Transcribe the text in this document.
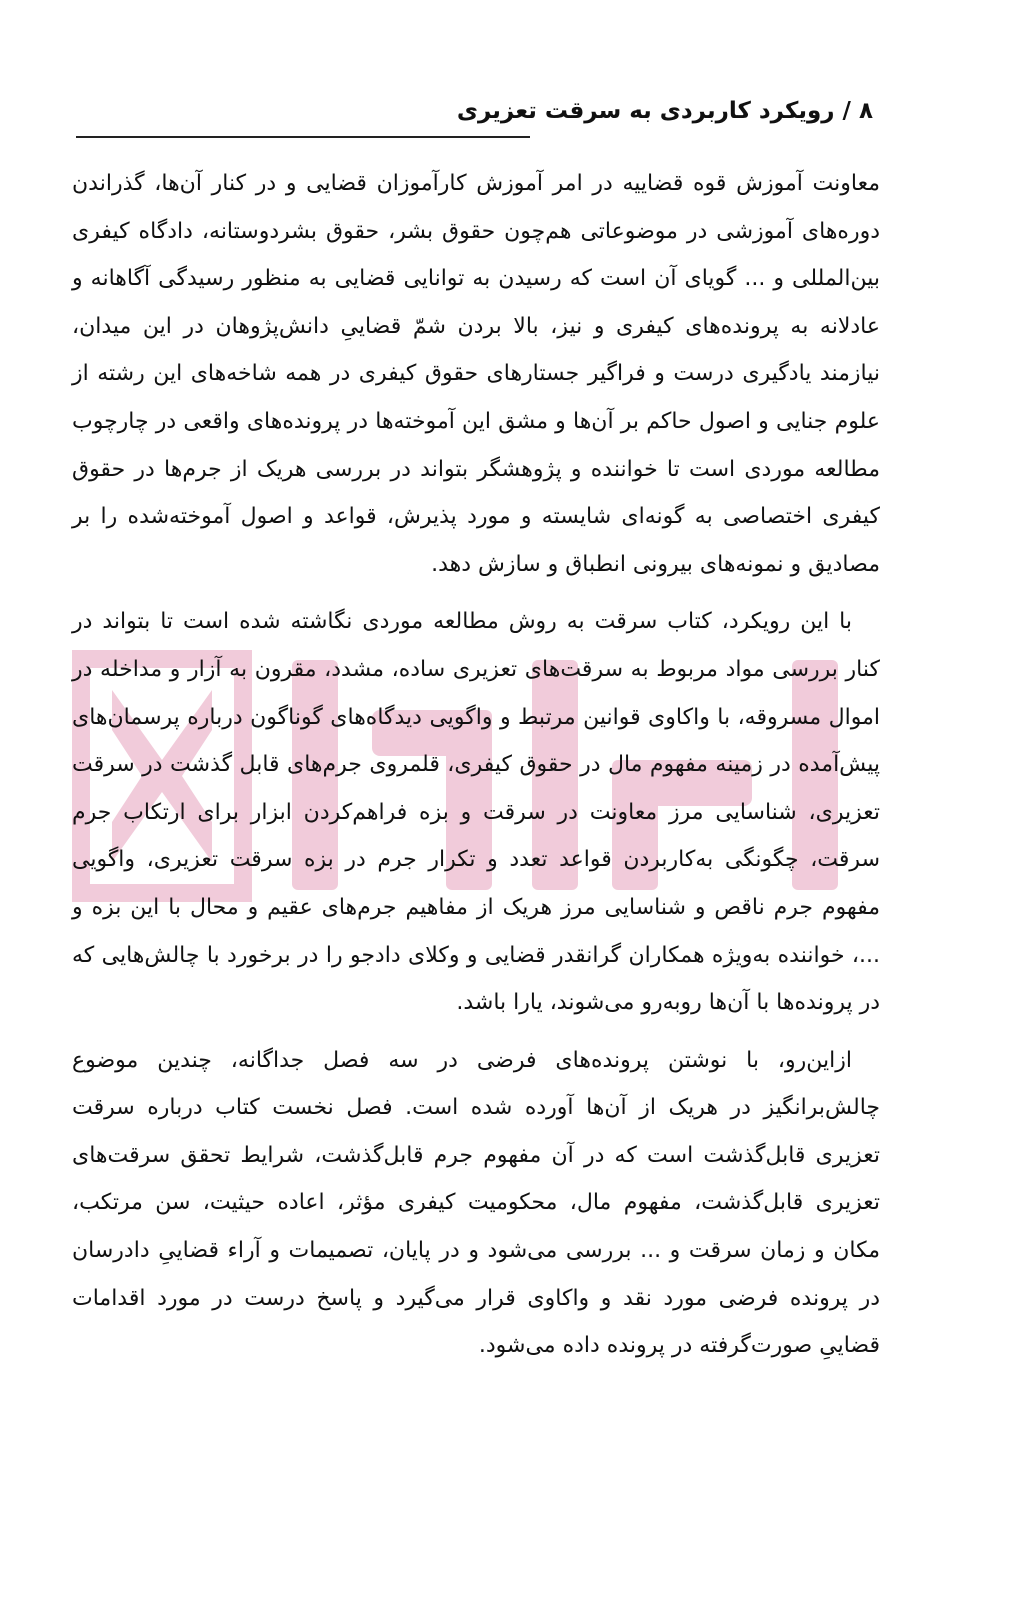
۸ / رویکرد کاربردی به سرقت تعزیری

معاونت آموزش قوه قضاییه در امر آموزش کارآموزان قضایی و در کنار آن‌ها، گذراندن دوره‌های آموزشی در موضوعاتی هم‌چون حقوق بشر، حقوق بشردوستانه، دادگاه کیفری بین‌المللی و ... گویای آن است که رسیدن به توانایی قضایی به منظور رسیدگی آگاهانه و عادلانه به پرونده‌های کیفری و نیز، بالا بردن شمّ قضاییِ دانش‌پژوهان در این میدان، نیازمند یادگیری درست و فراگیر جستارهای حقوق کیفری در همه شاخه‌های این رشته از علوم جنایی و اصول حاکم بر آن‌ها و مشق این آموخته‌ها در پرونده‌های واقعی در چارچوب مطالعه موردی است تا خواننده و پژوهشگر بتواند در بررسی هریک از جرم‌ها در حقوق کیفری اختصاصی به گونه‌ای شایسته و مورد پذیرش، قواعد و اصول آموخته‌شده را بر مصادیق و نمونه‌های بیرونی انطباق و سازش دهد.

با این رویکرد، کتاب سرقت به روش مطالعه موردی نگاشته شده است تا بتواند در کنار بررسی مواد مربوط به سرقت‌های تعزیری ساده، مشدد، مقرون به آزار و مداخله در اموال مسروقه، با واکاوی قوانین مرتبط و واگویی دیدگاه‌های گوناگون درباره پرسمان‌های پیش‌آمده در زمینه مفهوم مال در حقوق کیفری، قلمروی جرم‌های قابل گذشت در سرقت تعزیری، شناسایی مرز معاونت در سرقت و بزه فراهم‌کردن ابزار برای ارتکاب جرم سرقت، چگونگی به‌کاربردن قواعد تعدد و تکرار جرم در بزه سرقت تعزیری، واگویی مفهوم جرم ناقص و شناسایی مرز هریک از مفاهیم جرم‌های عقیم و محال با این بزه و ...، خواننده به‌ویژه همکاران گرانقدر قضایی و وکلای دادجو را در برخورد با چالش‌هایی که در پرونده‌ها با آن‌ها روبه‌رو می‌شوند، یارا باشد.

ازاین‌رو، با نوشتن پرونده‌های فرضی در سه فصل جداگانه، چندین موضوع چالش‌برانگیز در هریک از آن‌ها آورده شده است. فصل نخست کتاب درباره سرقت تعزیری قابل‌گذشت است که در آن مفهوم جرم قابل‌گذشت، شرایط تحقق سرقت‌های تعزیری قابل‌گذشت، مفهوم مال، محکومیت کیفری مؤثر، اعاده حیثیت، سن مرتکب، مکان و زمان سرقت و ... بررسی می‌شود و در پایان، تصمیمات و آراء قضاییِ دادرسان در پرونده فرضی مورد نقد و واکاوی قرار می‌گیرد و پاسخ درست در مورد اقدامات قضاییِ صورت‌گرفته در پرونده داده می‌شود.
